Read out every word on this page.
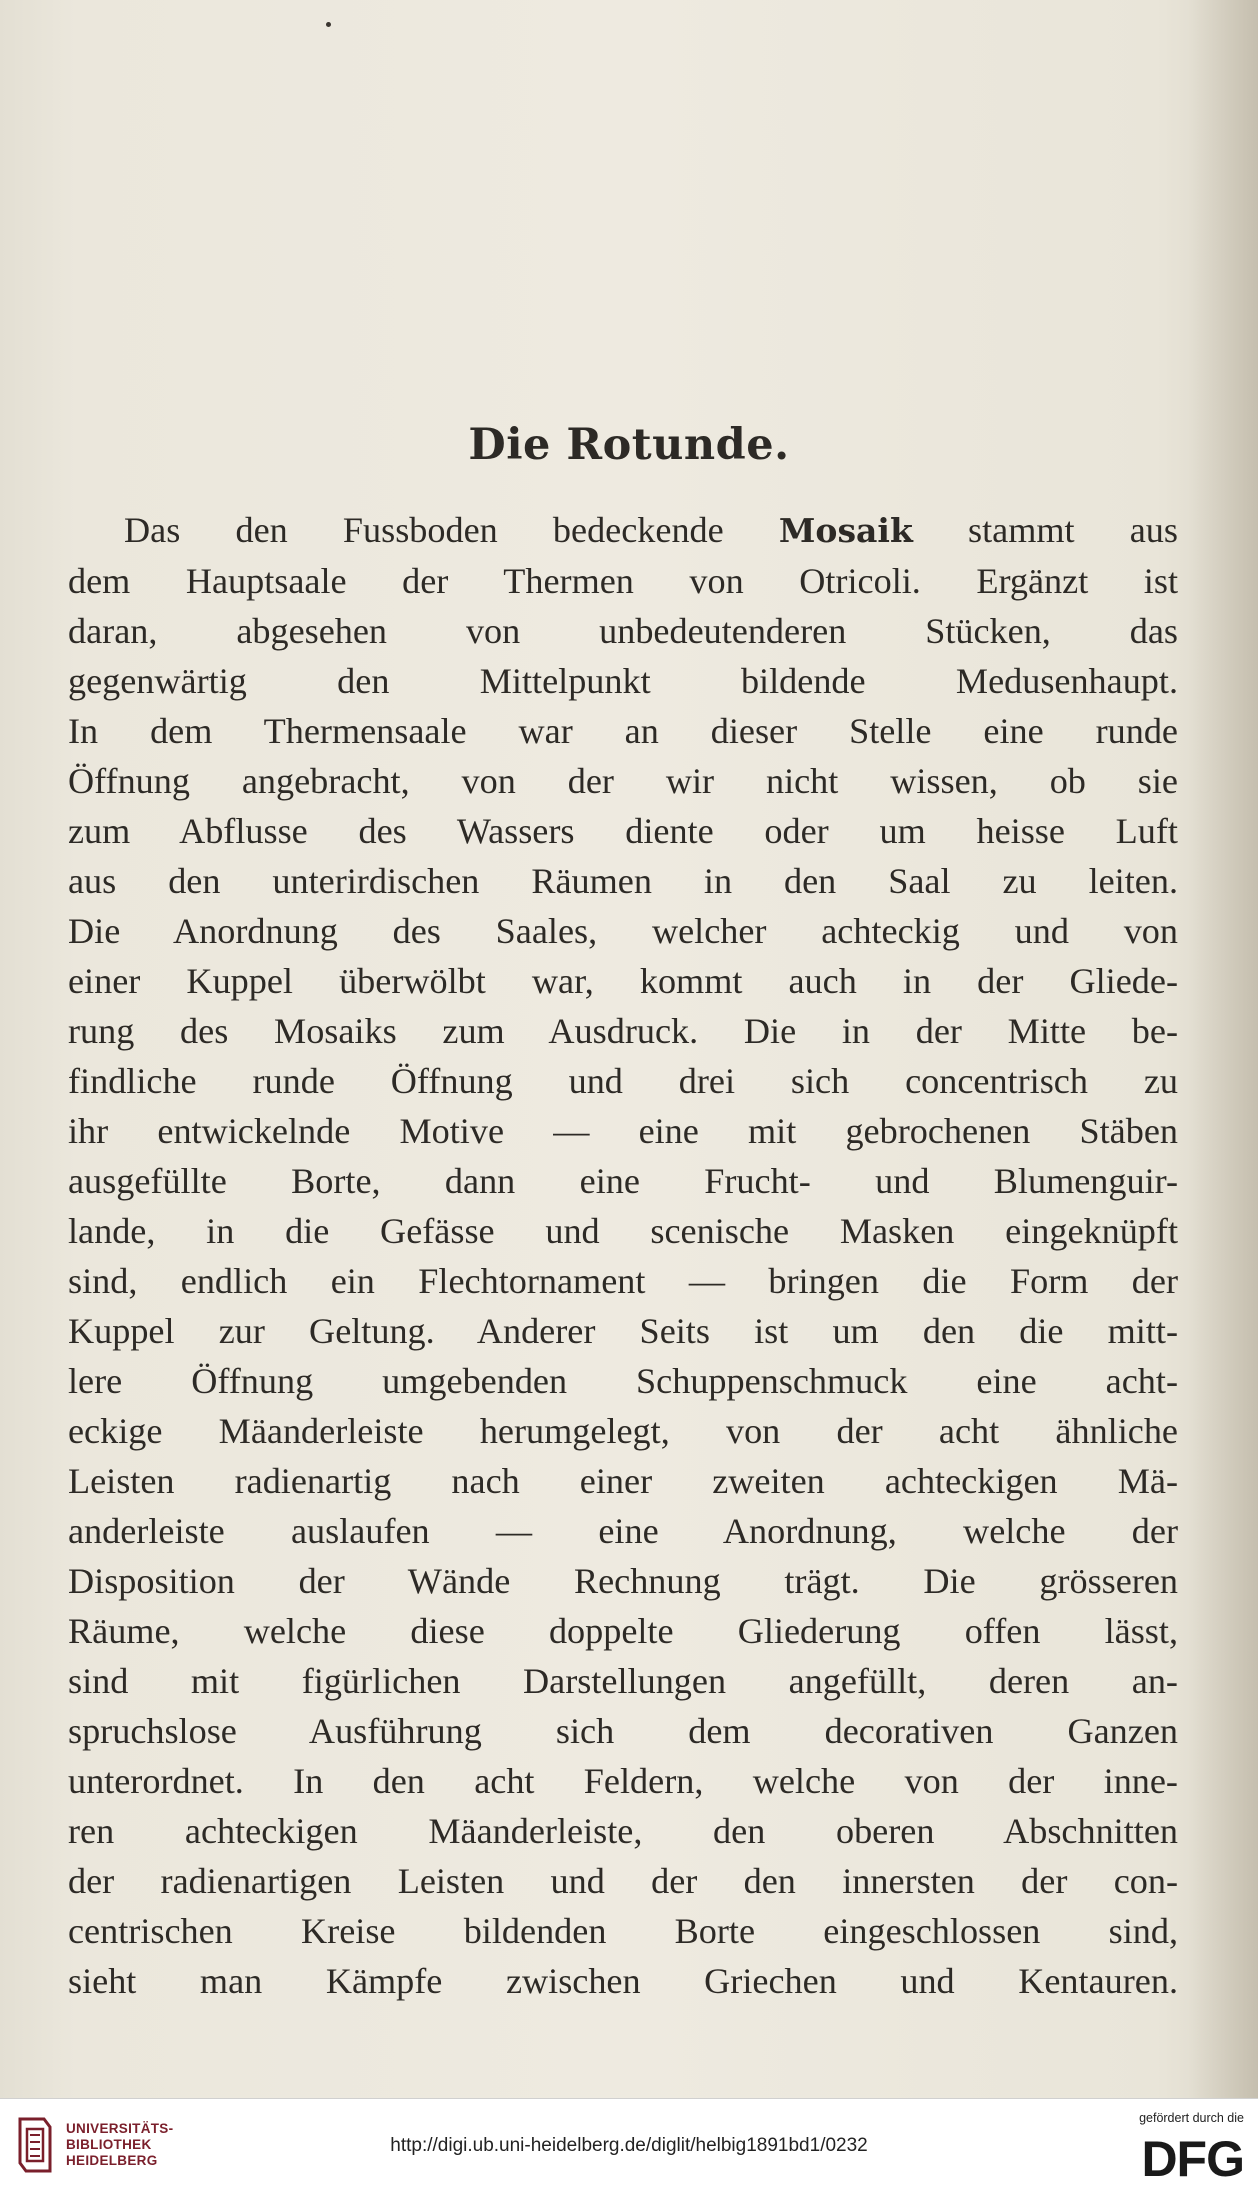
Die Rotunde.
Das den Fussboden bedeckende Mosaik stammt aus
dem Hauptsaale der Thermen von Otricoli. Ergänzt ist
daran, abgesehen von unbedeutenderen Stücken, das
gegenwärtig den Mittelpunkt bildende Medusenhaupt.
In dem Thermensaale war an dieser Stelle eine runde
Öffnung angebracht, von der wir nicht wissen, ob sie
zum Abflusse des Wassers diente oder um heisse Luft
aus den unterirdischen Räumen in den Saal zu leiten.
Die Anordnung des Saales, welcher achteckig und von
einer Kuppel überwölbt war, kommt auch in der Gliede-
rung des Mosaiks zum Ausdruck. Die in der Mitte be-
findliche runde Öffnung und drei sich concentrisch zu
ihr entwickelnde Motive — eine mit gebrochenen Stäben
ausgefüllte Borte, dann eine Frucht- und Blumenguir-
lande, in die Gefässe und scenische Masken eingeknüpft
sind, endlich ein Flechtornament — bringen die Form der
Kuppel zur Geltung. Anderer Seits ist um den die mitt-
lere Öffnung umgebenden Schuppenschmuck eine acht-
eckige Mäanderleiste herumgelegt, von der acht ähnliche
Leisten radienartig nach einer zweiten achteckigen Mä-
anderleiste auslaufen — eine Anordnung, welche der
Disposition der Wände Rechnung trägt. Die grösseren
Räume, welche diese doppelte Gliederung offen lässt,
sind mit figürlichen Darstellungen angefüllt, deren an-
spruchslose Ausführung sich dem decorativen Ganzen
unterordnet. In den acht Feldern, welche von der inne-
ren achteckigen Mäanderleiste, den oberen Abschnitten
der radienartigen Leisten und der den innersten der con-
centrischen Kreise bildenden Borte eingeschlossen sind,
sieht man Kämpfe zwischen Griechen und Kentauren.
UNIVERSITÄTS-
BIBLIOTHEK
HEIDELBERG
http://digi.ub.uni-heidelberg.de/diglit/helbig1891bd1/0232
gefördert durch die
DFG
